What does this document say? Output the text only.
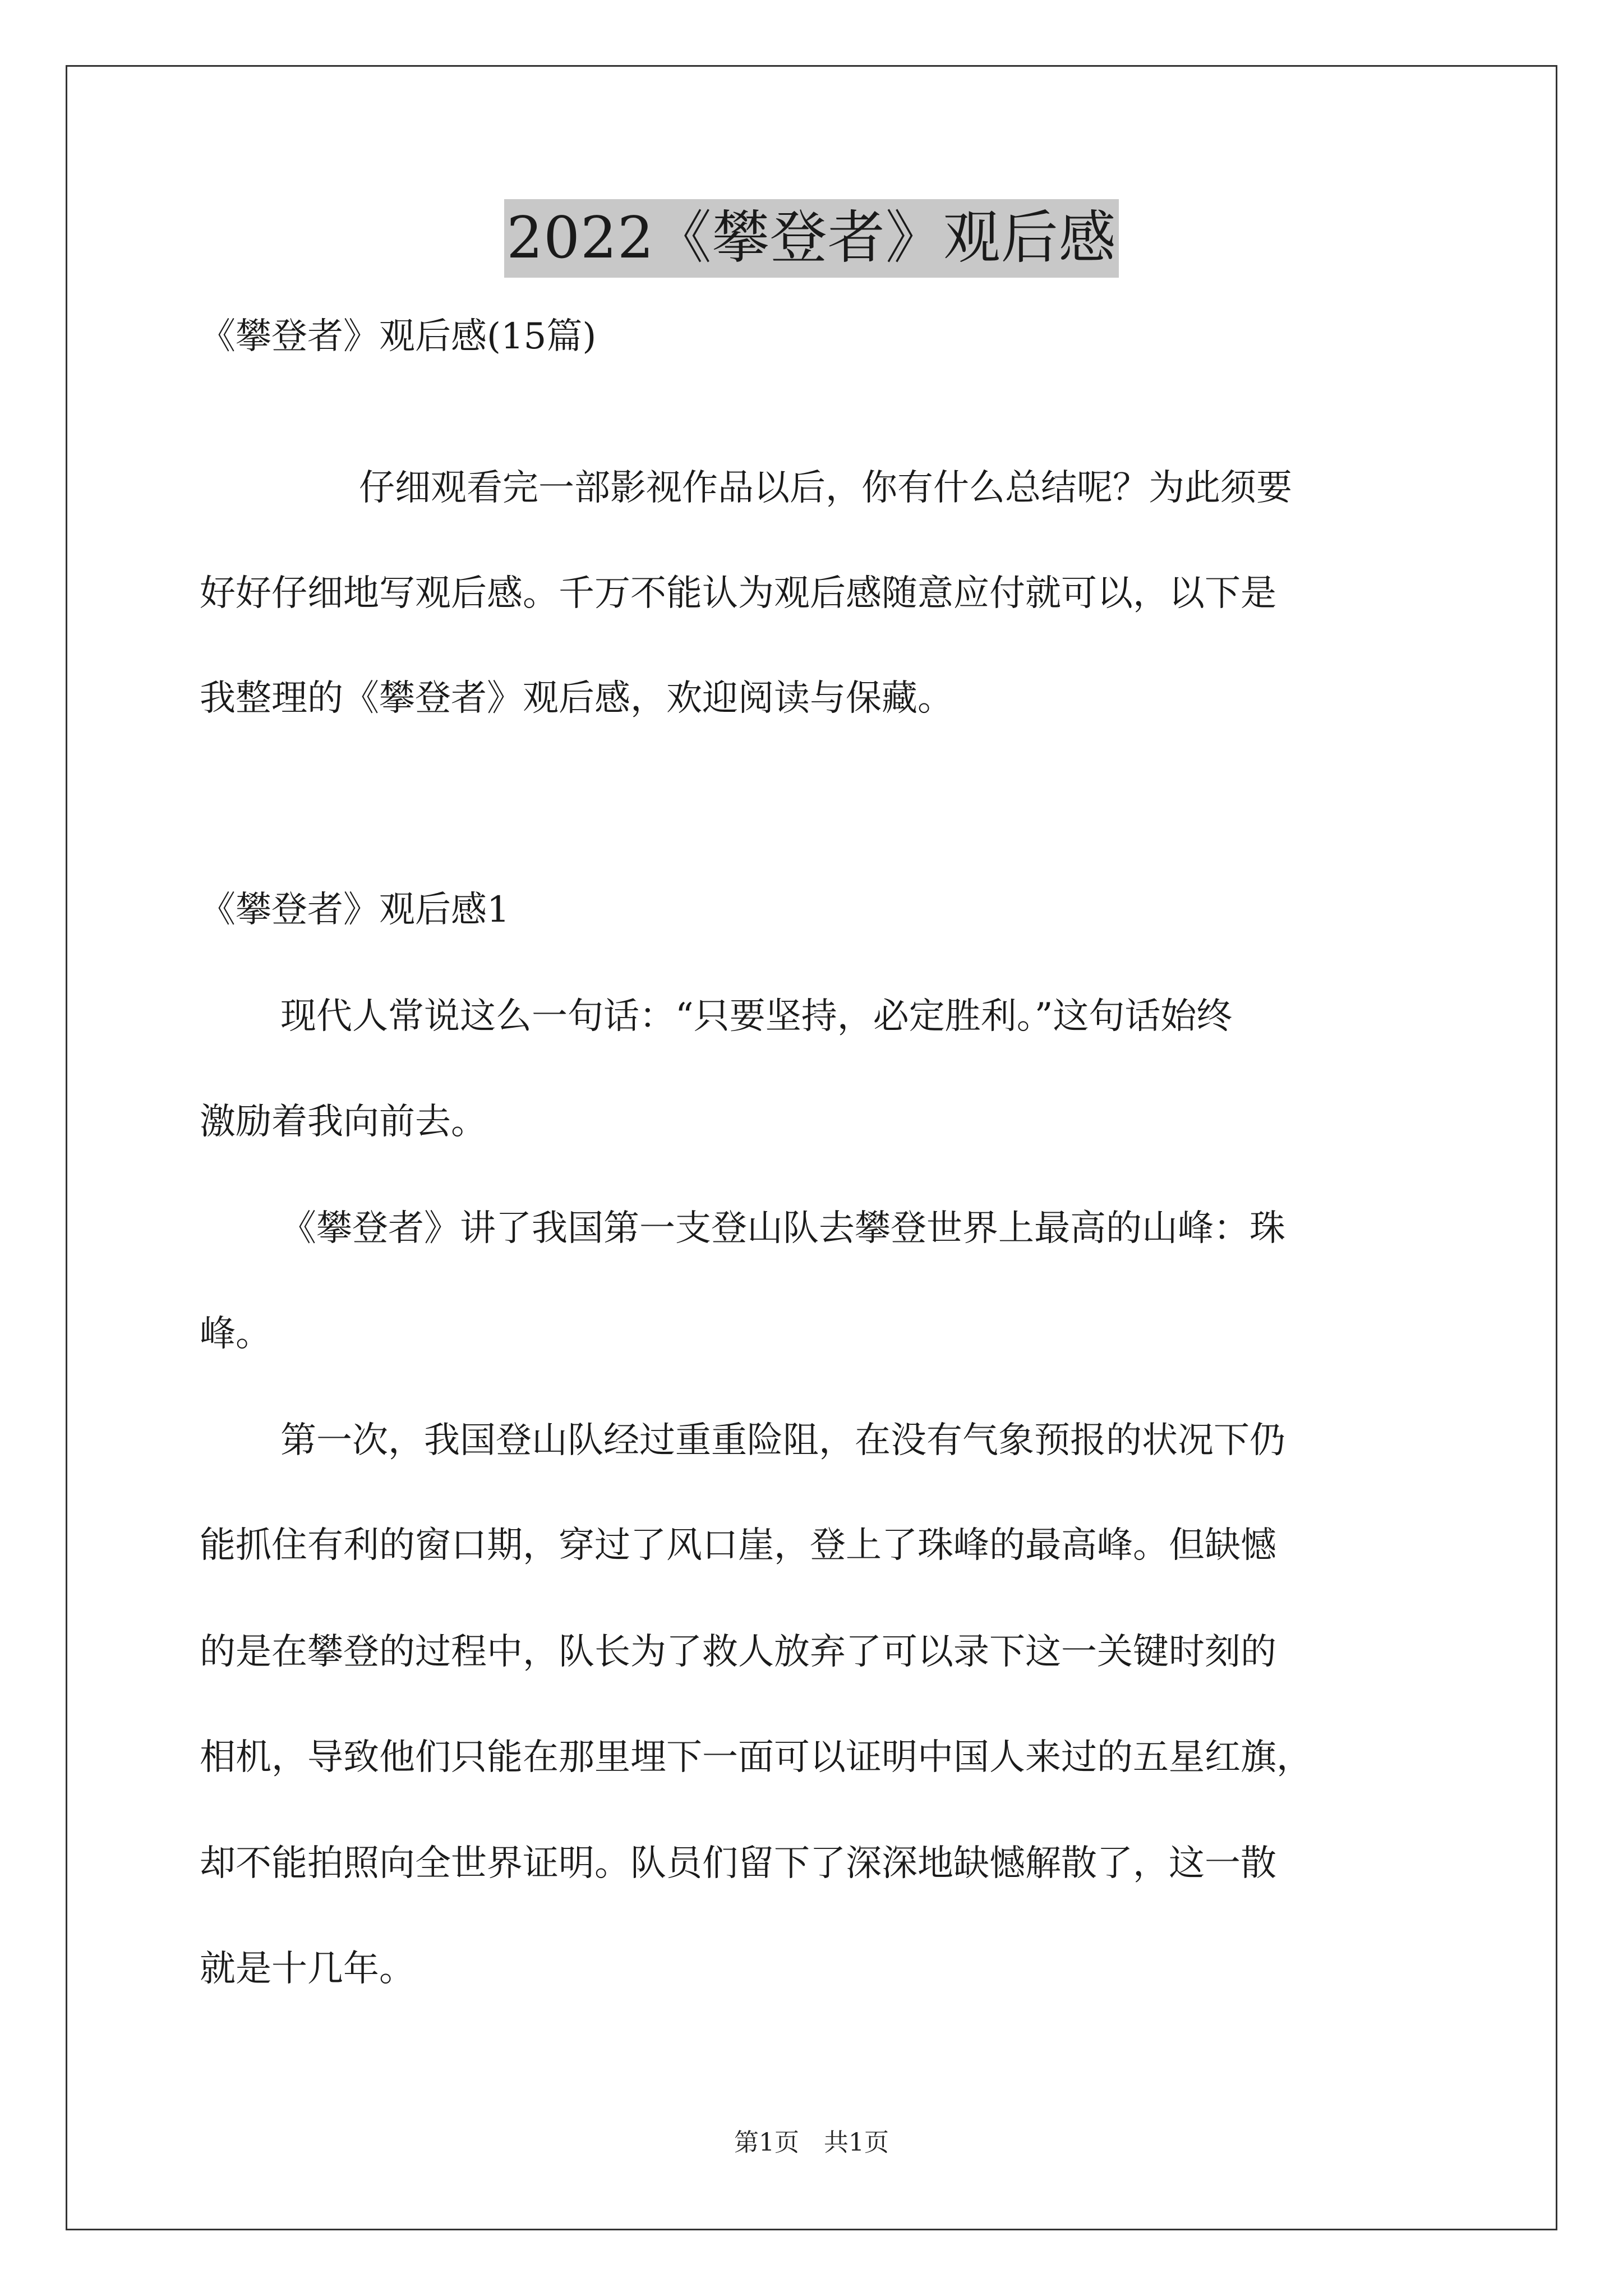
2022《攀登者》观后感
《攀登者》观后感(15篇)
仔细观看完一部影视作品以后，你有什么总结呢？为此须要
好好仔细地写观后感。千万不能认为观后感随意应付就可以，以下是
我整理的《攀登者》观后感，欢迎阅读与保藏。
《攀登者》观后感1
现代人常说这么一句话：“只要坚持，必定胜利。”这句话始终
激励着我向前去。
《攀登者》讲了我国第一支登山队去攀登世界上最高的山峰：珠
峰。
第一次，我国登山队经过重重险阻，在没有气象预报的状况下仍
能抓住有利的窗口期，穿过了风口崖，登上了珠峰的最高峰。但缺憾
的是在攀登的过程中，队长为了救人放弃了可以录下这一关键时刻的
相机，导致他们只能在那里埋下一面可以证明中国人来过的五星红旗，
却不能拍照向全世界证明。队员们留下了深深地缺憾解散了，这一散
就是十几年。
第1页　共1页
